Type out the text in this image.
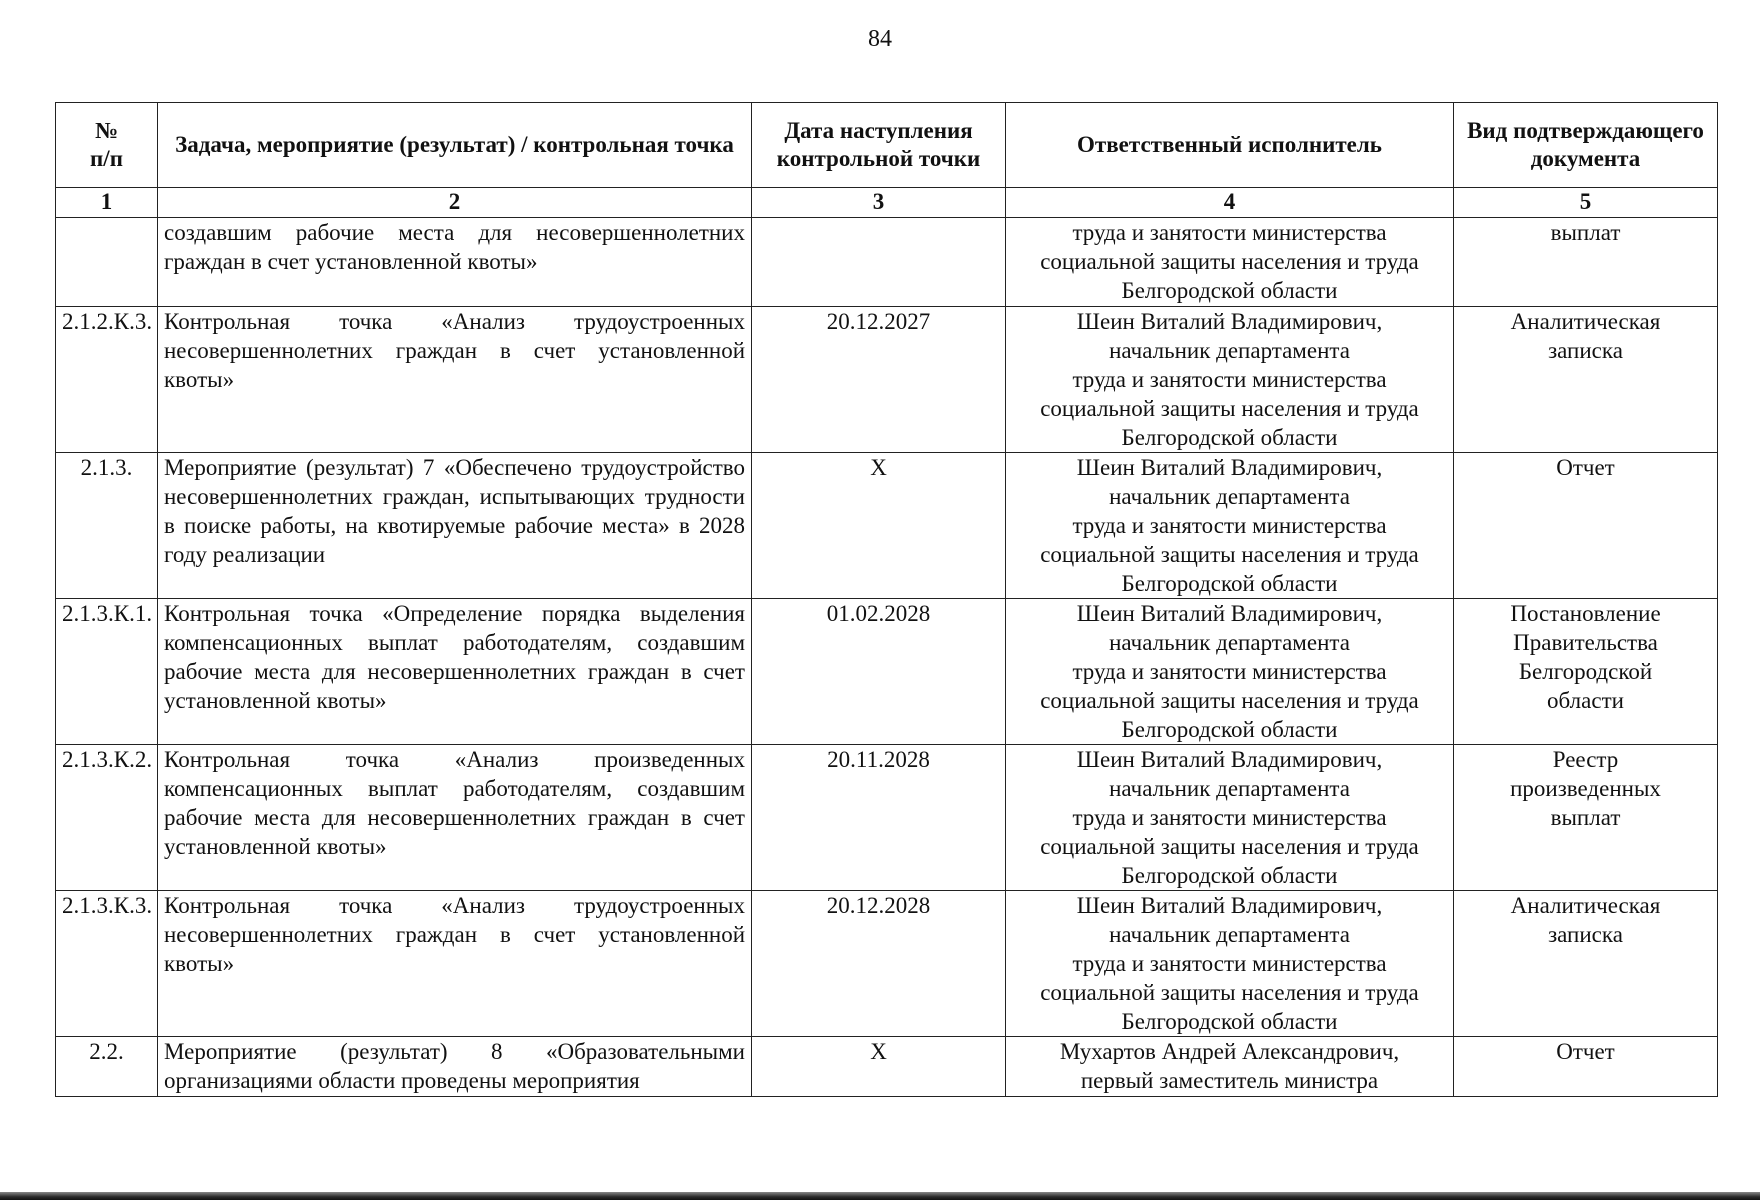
84
№
п/п	Задача, мероприятие (результат) / контрольная точка	Дата наступления контрольной точки	Ответственный исполнитель	Вид подтверждающего документа
1	2	3	4	5
	создавшим рабочие места для несовершеннолетних граждан в счет установленной квоты»		труда и занятости министерства
социальной защиты населения и труда
Белгородской области	выплат
2.1.2.К.3.	Контрольная точка «Анализ трудоустроенных несовершеннолетних граждан в счет установленной квоты»	20.12.2027	Шеин Виталий Владимирович,
начальник департамента
труда и занятости министерства
социальной защиты населения и труда
Белгородской области	Аналитическая
записка
2.1.3.	Мероприятие (результат) 7 «Обеспечено трудоустройство несовершеннолетних граждан, испытывающих трудности в поиске работы, на квотируемые рабочие места» в 2028 году реализации	X	Шеин Виталий Владимирович,
начальник департамента
труда и занятости министерства
социальной защиты населения и труда
Белгородской области	Отчет
2.1.3.К.1.	Контрольная точка «Определение порядка выделения компенсационных выплат работодателям, создавшим рабочие места для несовершеннолетних граждан в счет установленной квоты»	01.02.2028	Шеин Виталий Владимирович,
начальник департамента
труда и занятости министерства
социальной защиты населения и труда
Белгородской области	Постановление
Правительства
Белгородской
области
2.1.3.К.2.	Контрольная точка «Анализ произведенных компенсационных выплат работодателям, создавшим рабочие места для несовершеннолетних граждан в счет установленной квоты»	20.11.2028	Шеин Виталий Владимирович,
начальник департамента
труда и занятости министерства
социальной защиты населения и труда
Белгородской области	Реестр
произведенных
выплат
2.1.3.К.3.	Контрольная точка «Анализ трудоустроенных несовершеннолетних граждан в счет установленной квоты»	20.12.2028	Шеин Виталий Владимирович,
начальник департамента
труда и занятости министерства
социальной защиты населения и труда
Белгородской области	Аналитическая
записка
2.2.	Мероприятие (результат) 8 «Образовательными организациями области проведены мероприятия	X	Мухартов Андрей Александрович,
первый заместитель министра	Отчет
